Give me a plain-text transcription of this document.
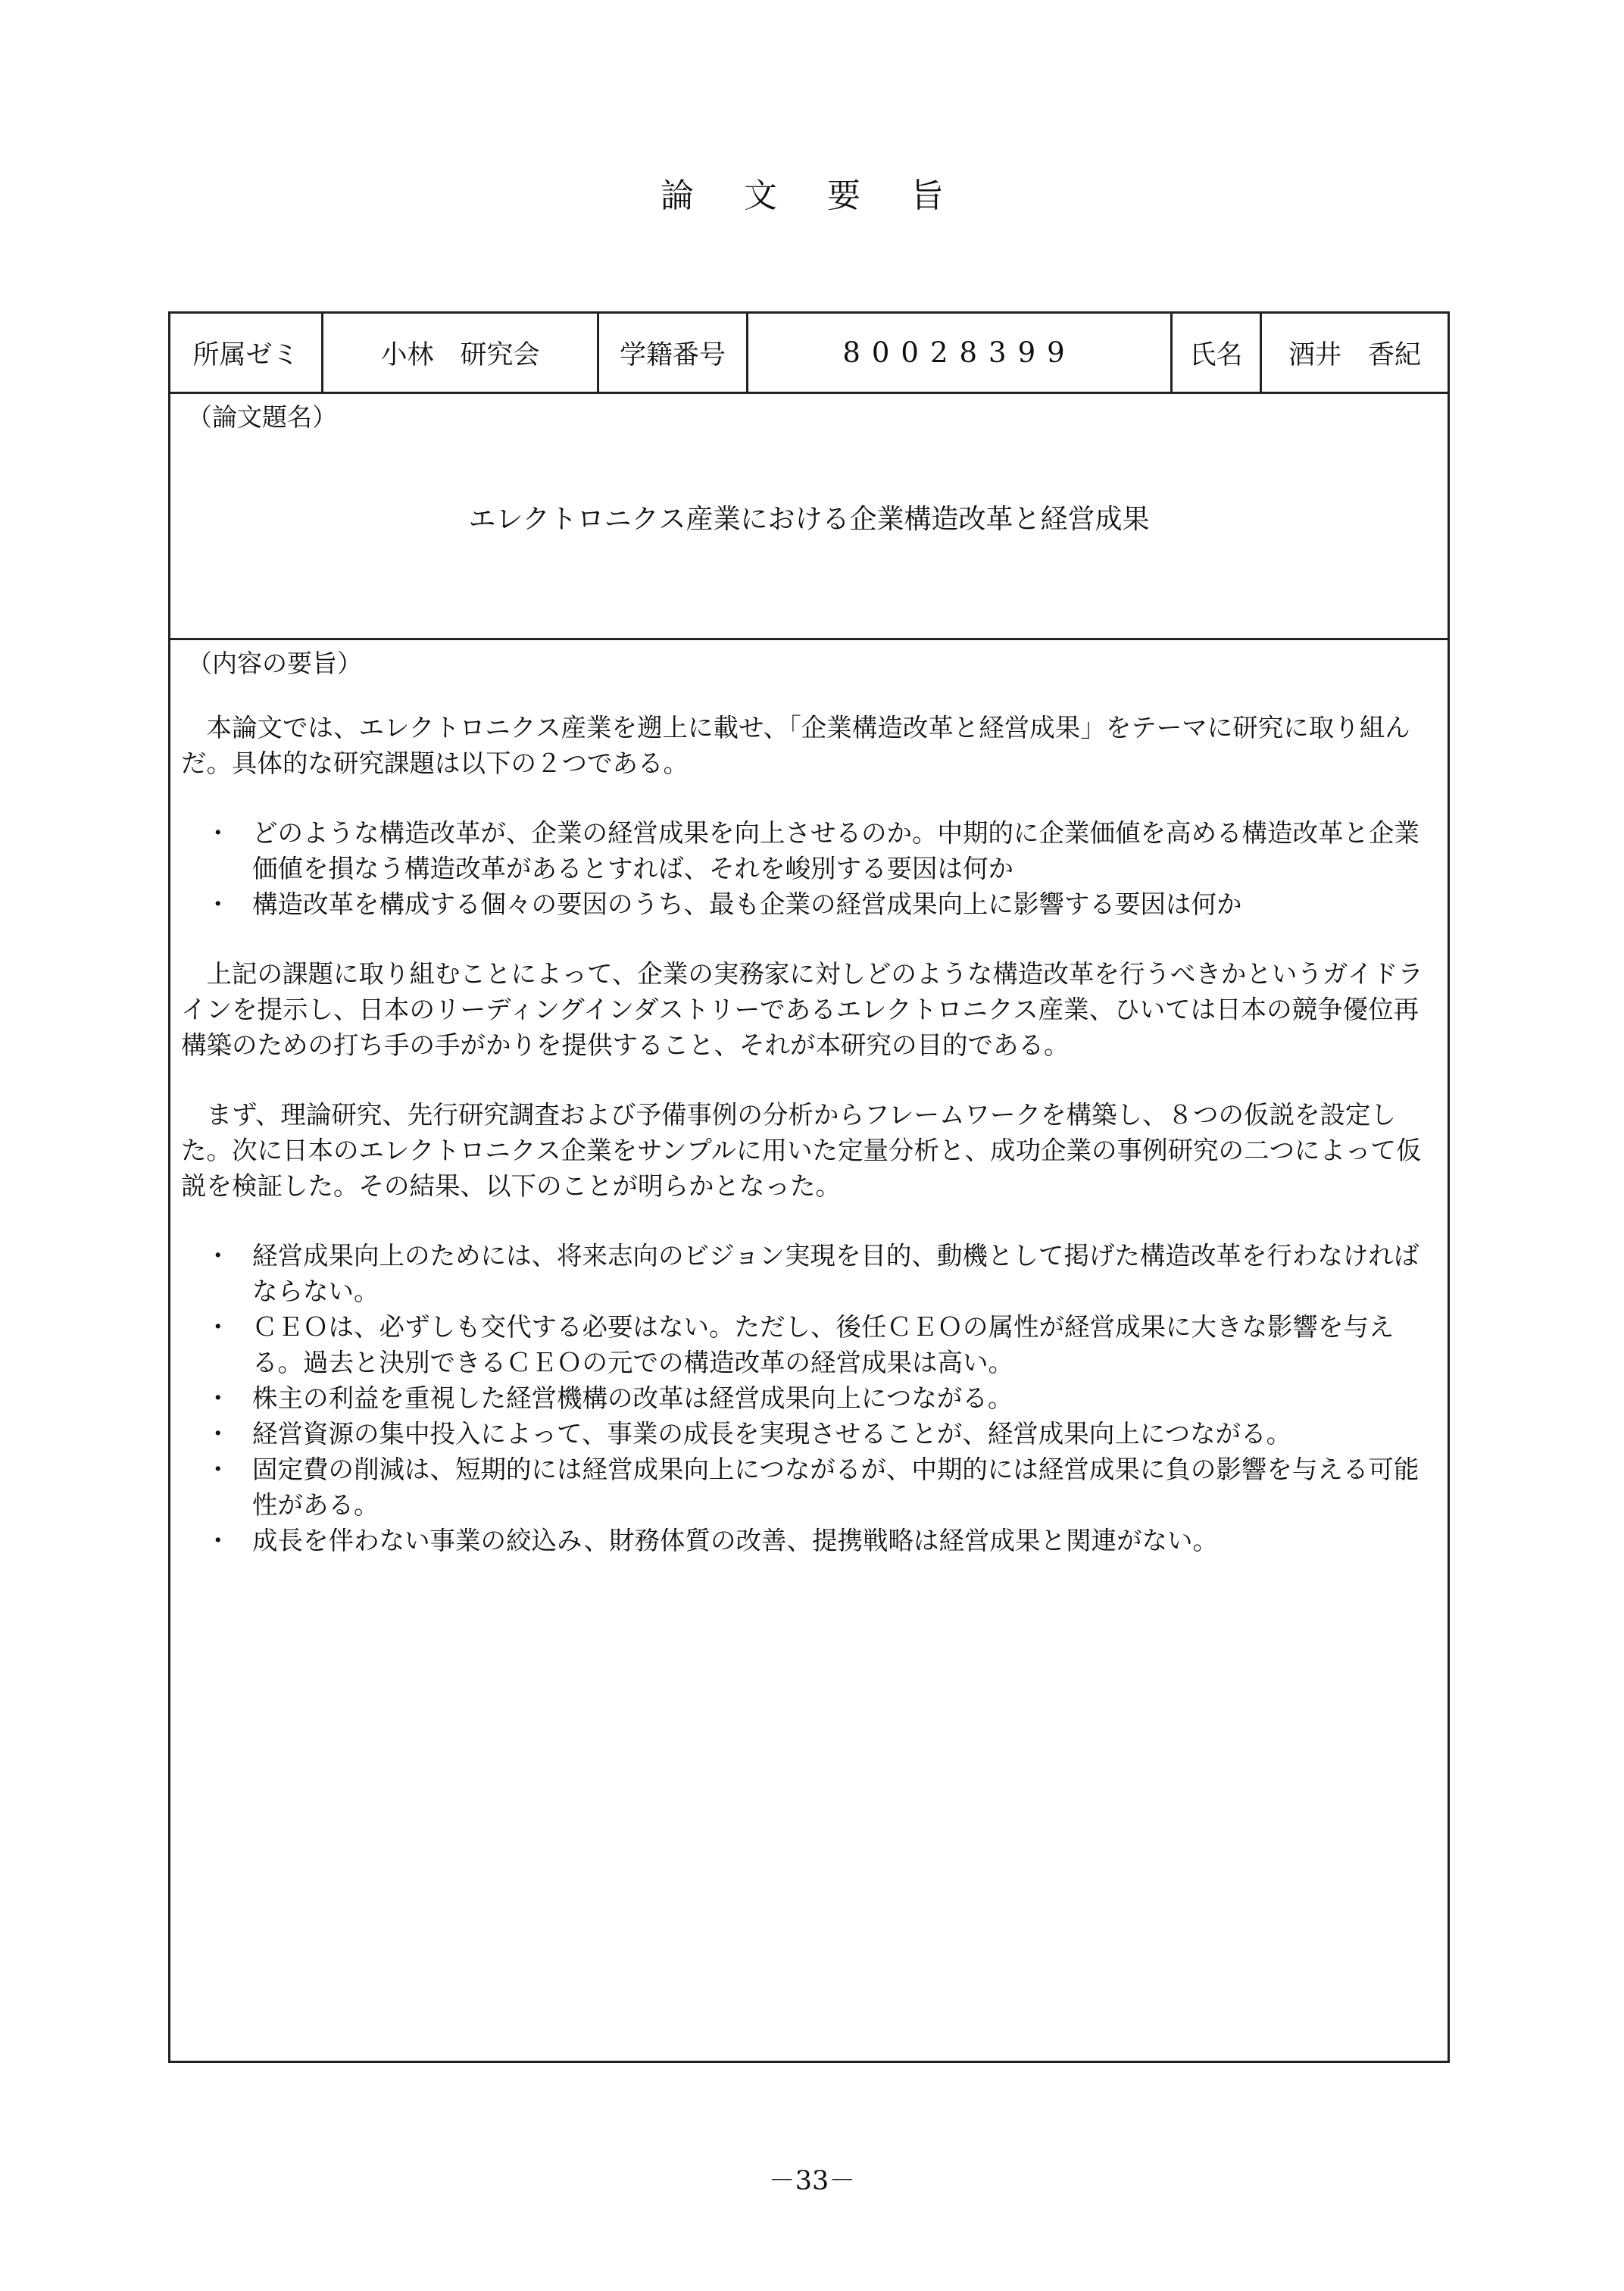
論 文 要 旨
所属ゼミ	小林　研究会	学籍番号	80028399	氏名	酒井　香紀
（論文題名）
エレクトロニクス産業における企業構造改革と経営成果
（内容の要旨）

本論文では、エレクトロニクス産業を遡上に載せ、「企業構造改革と経営成果」をテーマに研究に取り組んだ。具体的な研究課題は以下の２つである。

・ どのような構造改革が、企業の経営成果を向上させるのか。中期的に企業価値を高める構造改革と企業価値を損なう構造改革があるとすれば、それを峻別する要因は何か
・ 構造改革を構成する個々の要因のうち、最も企業の経営成果向上に影響する要因は何か

上記の課題に取り組むことによって、企業の実務家に対しどのような構造改革を行うべきかというガイドラインを提示し、日本のリーディングインダストリーであるエレクトロニクス産業、ひいては日本の競争優位再構築のための打ち手の手がかりを提供すること、それが本研究の目的である。

まず、理論研究、先行研究調査および予備事例の分析からフレームワークを構築し、８つの仮説を設定した。次に日本のエレクトロニクス企業をサンプルに用いた定量分析と、成功企業の事例研究の二つによって仮説を検証した。その結果、以下のことが明らかとなった。

・ 経営成果向上のためには、将来志向のビジョン実現を目的、動機として掲げた構造改革を行わなければならない。
・ ＣＥＯは、必ずしも交代する必要はない。ただし、後任ＣＥＯの属性が経営成果に大きな影響を与える。過去と決別できるＣＥＯの元での構造改革の経営成果は高い。
・ 株主の利益を重視した経営機構の改革は経営成果向上につながる。
・ 経営資源の集中投入によって、事業の成長を実現させることが、経営成果向上につながる。
・ 固定費の削減は、短期的には経営成果向上につながるが、中期的には経営成果に負の影響を与える可能性がある。
・ 成長を伴わない事業の絞込み、財務体質の改善、提携戦略は経営成果と関連がない。
－33－
